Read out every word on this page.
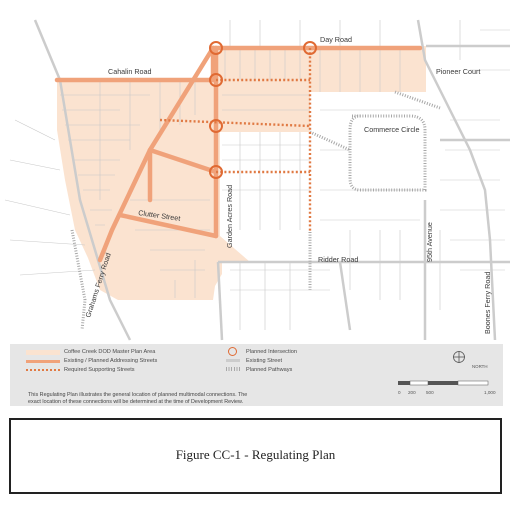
Cahalin Road
Day Road
Pioneer Court
Commerce Circle
Clutter Street	Garden Acres Road
Ridder Road	95th Avenue
Grahams Ferry Road	Boones Ferry Road
Coffee Creek DOD Master Plan Area
Existing / Planned Addressing Streets
Required Supporting Streets
Planned Intersection
Existing Street
Planned Pathways
This Regulating Plan illustrates the general location of planned multimodal connections. The
exact location of these connections will be determined at the time of Development Review.
NORTH
0 200 500	1,000
Figure CC-1 - Regulating Plan
